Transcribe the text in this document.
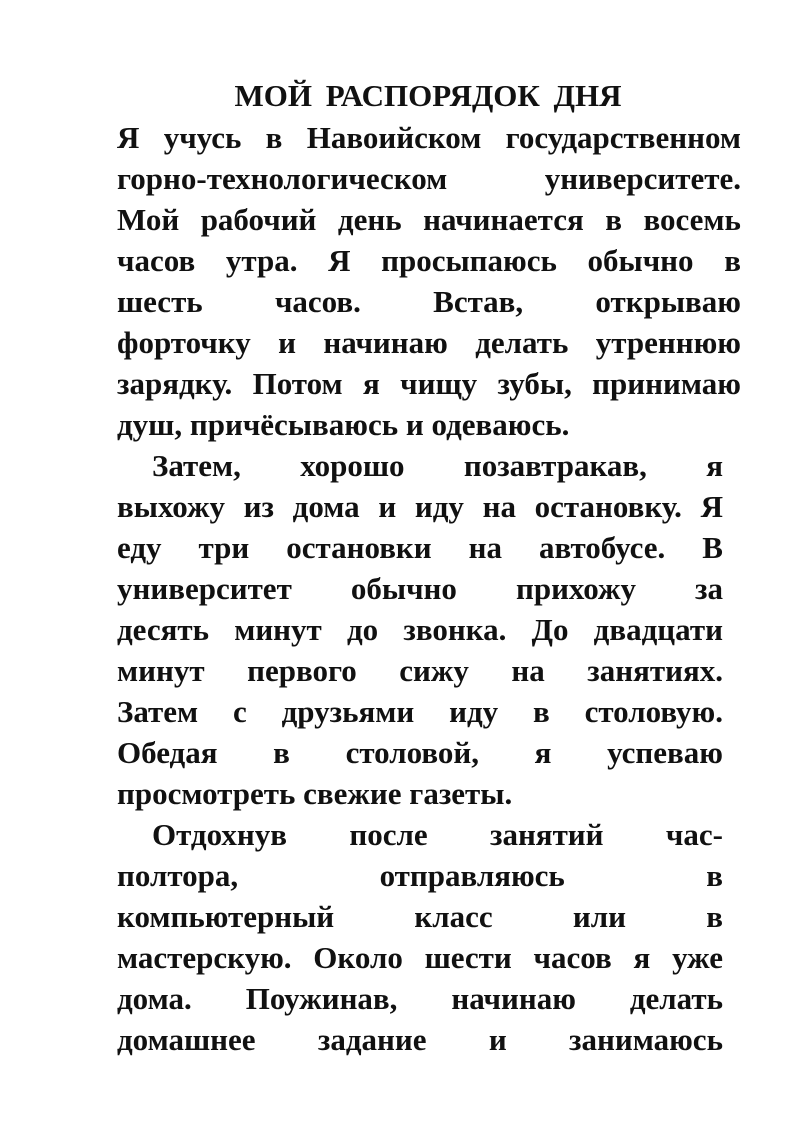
МОЙ РАСПОРЯДОК ДНЯ
Я учусь в Навоийском государственном
горно-технологическом	университете.
Мой рабочий день начинается в восемь
часов утра. Я просыпаюсь обычно в
шесть часов. Встав, открываю
форточку и начинаю делать утреннюю
зарядку. Потом я чищу зубы, принимаю
душ, причёсываюсь и одеваюсь.
Затем, хорошо позавтракав, я
выхожу из дома и иду на остановку. Я
еду три остановки на автобусе. В
университет обычно прихожу за
десять минут до звонка. До двадцати
минут первого сижу на занятиях.
Затем с друзьями иду в столовую.
Обедая в столовой, я успеваю
просмотреть свежие газеты.
Отдохнув после занятий час-
полтора,	отправляюсь	в
компьютерный	класс	или	в
мастерскую. Около шести часов я уже
дома. Поужинав, начинаю делать
домашнее задание и занимаюсь
